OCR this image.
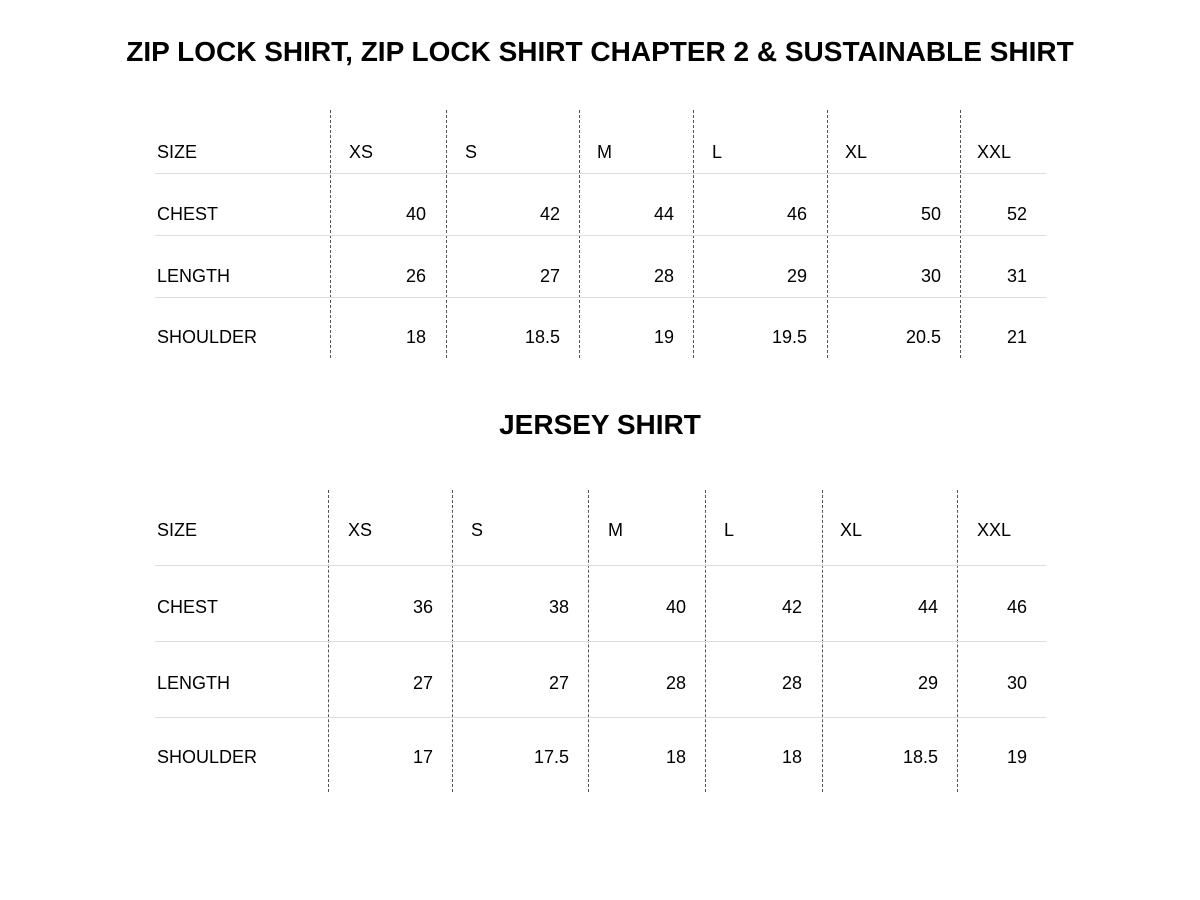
ZIP LOCK SHIRT, ZIP LOCK SHIRT CHAPTER 2 & SUSTAINABLE SHIRT
SIZE	XS	S	M	L	XL	XXL
CHEST	40	42	44	46	50	52
LENGTH	26	27	28	29	30	31
SHOULDER	18	18.5	19	19.5	20.5	21
JERSEY SHIRT
SIZE	XS	S	M	L	XL	XXL
CHEST	36	38	40	42	44	46
LENGTH	27	27	28	28	29	30
SHOULDER	17	17.5	18	18	18.5	19
